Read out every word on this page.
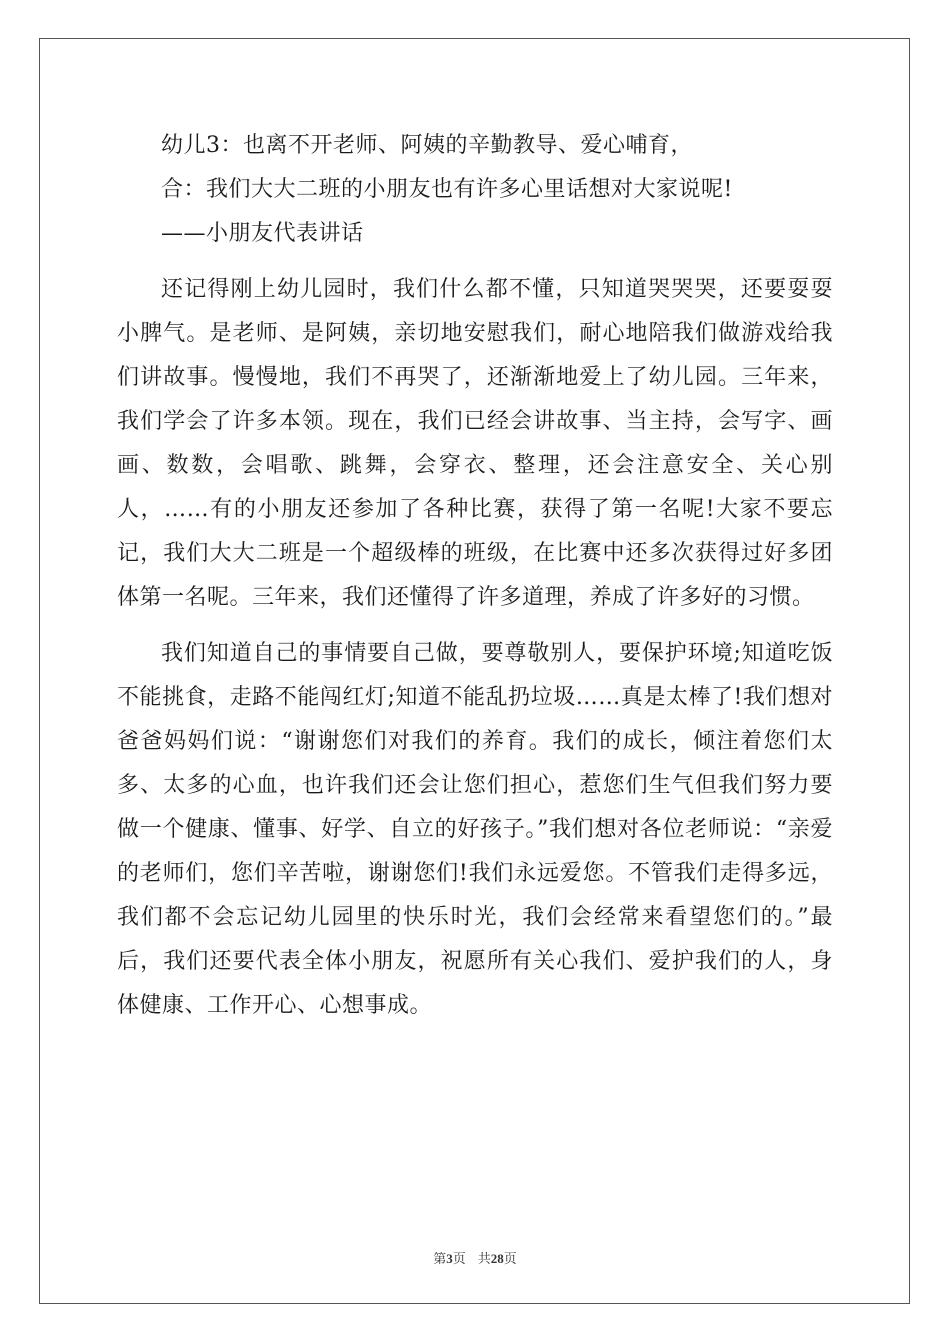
幼儿3：也离不开老师、阿姨的辛勤教导、爱心哺育，
合：我们大大二班的小朋友也有许多心里话想对大家说呢!
——小朋友代表讲话

还记得刚上幼儿园时，我们什么都不懂，只知道哭哭哭，还要耍耍小脾气。是老师、是阿姨，亲切地安慰我们，耐心地陪我们做游戏给我们讲故事。慢慢地，我们不再哭了，还渐渐地爱上了幼儿园。三年来，我们学会了许多本领。现在，我们已经会讲故事、当主持，会写字、画画、数数，会唱歌、跳舞，会穿衣、整理，还会注意安全、关心别人，……有的小朋友还参加了各种比赛，获得了第一名呢!大家不要忘记，我们大大二班是一个超级棒的班级，在比赛中还多次获得过好多团体第一名呢。三年来，我们还懂得了许多道理，养成了许多好的习惯。

我们知道自己的事情要自己做，要尊敬别人，要保护环境;知道吃饭不能挑食，走路不能闯红灯;知道不能乱扔垃圾……真是太棒了!我们想对爸爸妈妈们说：“谢谢您们对我们的养育。我们的成长，倾注着您们太多、太多的心血，也许我们还会让您们担心，惹您们生气但我们努力要做一个健康、懂事、好学、自立的好孩子。”我们想对各位老师说：“亲爱的老师们，您们辛苦啦，谢谢您们!我们永远爱您。不管我们走得多远，我们都不会忘记幼儿园里的快乐时光，我们会经常来看望您们的。”最后，我们还要代表全体小朋友，祝愿所有关心我们、爱护我们的人，身体健康、工作开心、心想事成。

第3页 共28页
